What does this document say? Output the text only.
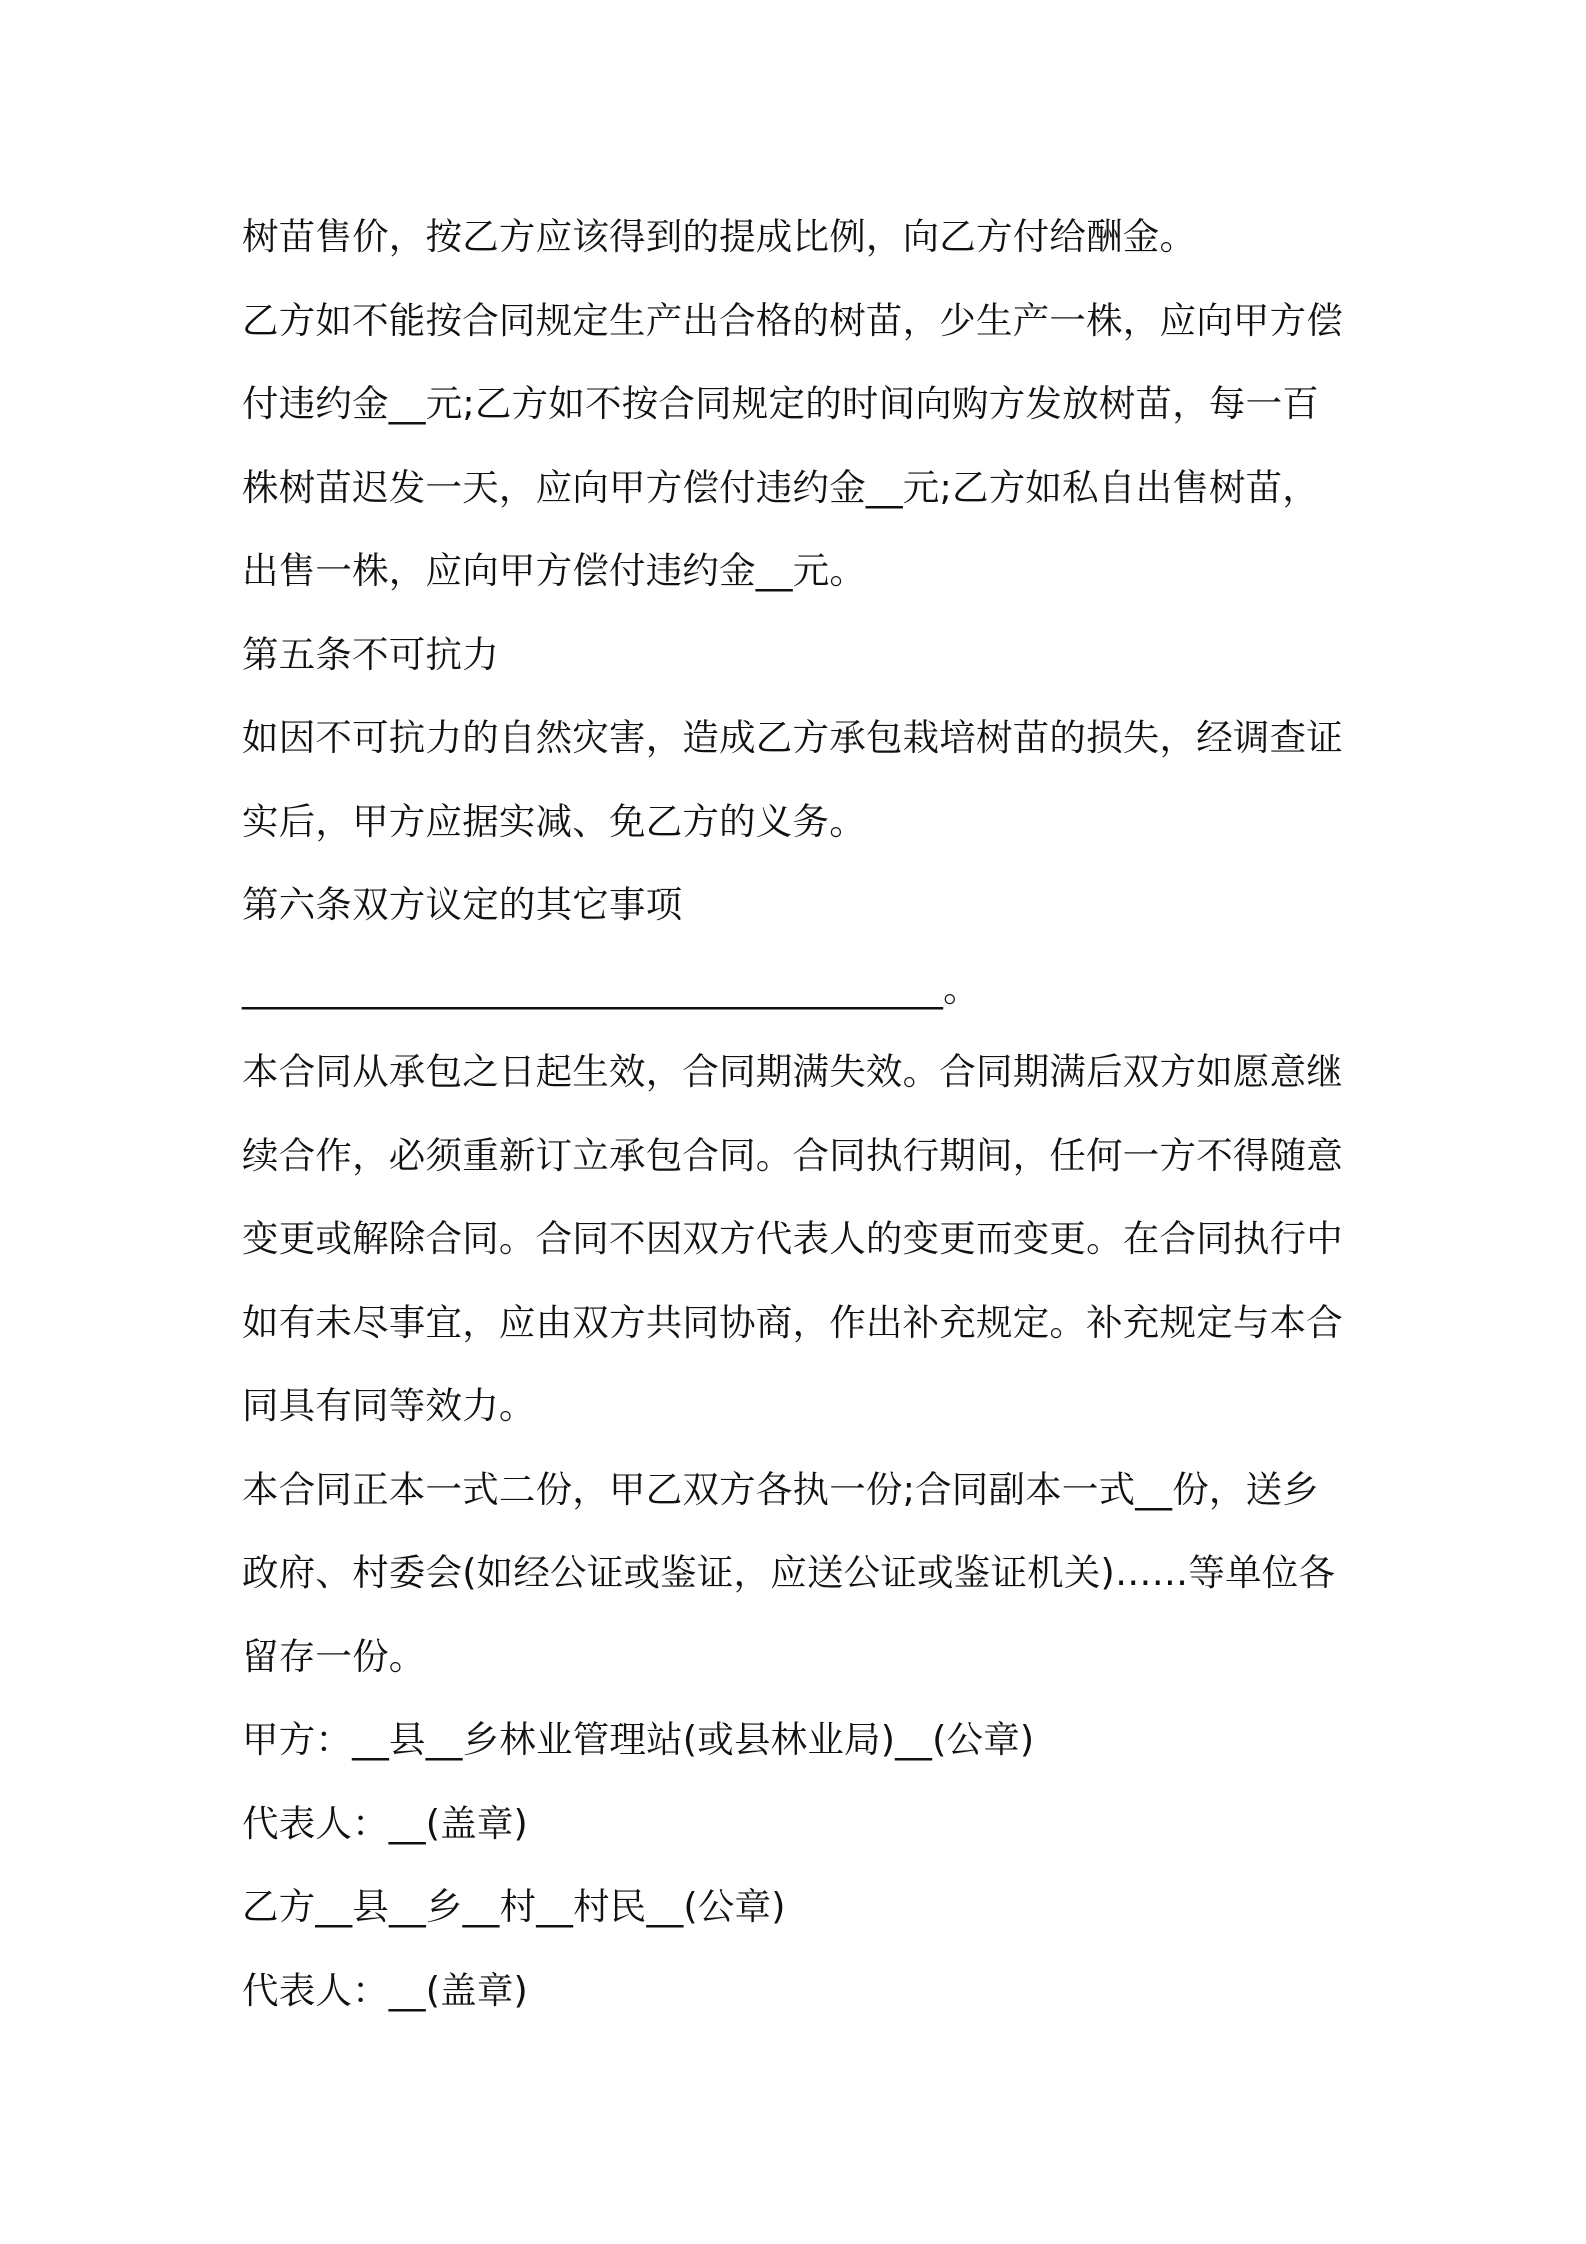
树苗售价，按乙方应该得到的提成比例，向乙方付给酬金。
乙方如不能按合同规定生产出合格的树苗，少生产一株，应向甲方偿
付违约金__元;乙方如不按合同规定的时间向购方发放树苗，每一百
株树苗迟发一天，应向甲方偿付违约金__元;乙方如私自出售树苗，
出售一株，应向甲方偿付违约金__元。
第五条不可抗力
如因不可抗力的自然灾害，造成乙方承包栽培树苗的损失，经调查证
实后，甲方应据实减、免乙方的义务。
第六条双方议定的其它事项
______________________________________。
本合同从承包之日起生效，合同期满失效。合同期满后双方如愿意继
续合作，必须重新订立承包合同。合同执行期间，任何一方不得随意
变更或解除合同。合同不因双方代表人的变更而变更。在合同执行中
如有未尽事宜，应由双方共同协商，作出补充规定。补充规定与本合
同具有同等效力。
本合同正本一式二份，甲乙双方各执一份;合同副本一式__份，送乡
政府、村委会(如经公证或鉴证，应送公证或鉴证机关)……等单位各
留存一份。
甲方：__县__乡林业管理站(或县林业局)__(公章)
代表人：__(盖章)
乙方__县__乡__村__村民__(公章)
代表人：__(盖章)
